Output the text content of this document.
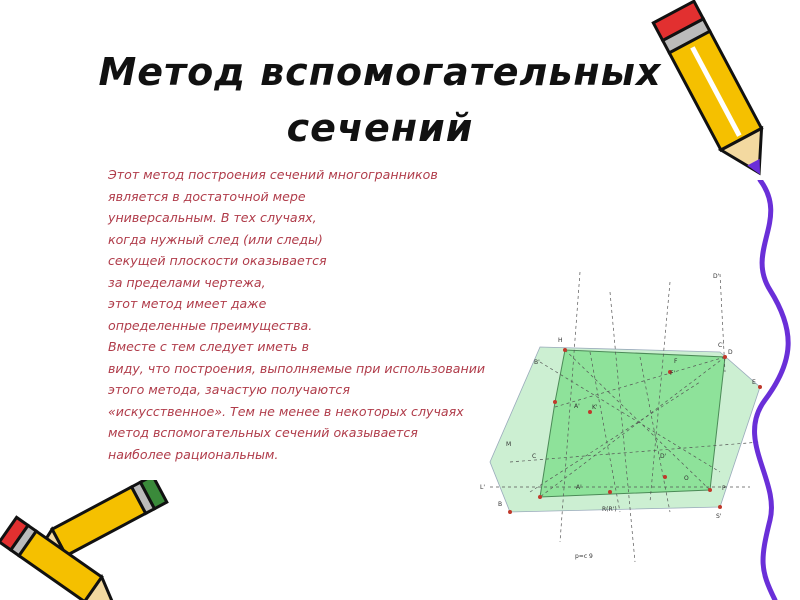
Метод вспомогательных
сечений
Этот метод построения сечений многогранников
является в достаточной мере
универсальным. В тех случаях,
когда нужный след (или следы)
секущей плоскости оказывается
за пределами чертежа,
этот метод имеет даже
определенные преимущества.
Вместе с тем следует иметь в
виду, что построения, выполняемые при использовании
этого метода, зачастую получаются
«искусственное». Тем не менее в некоторых случаях
метод вспомогательных сечений оказывается
наиболее рациональным.
D'
H
B'
C'
D
F
F'
E
A' K'
M
C	D'
A'
O
L'
B
R(R')
P
S'
p=c 9
